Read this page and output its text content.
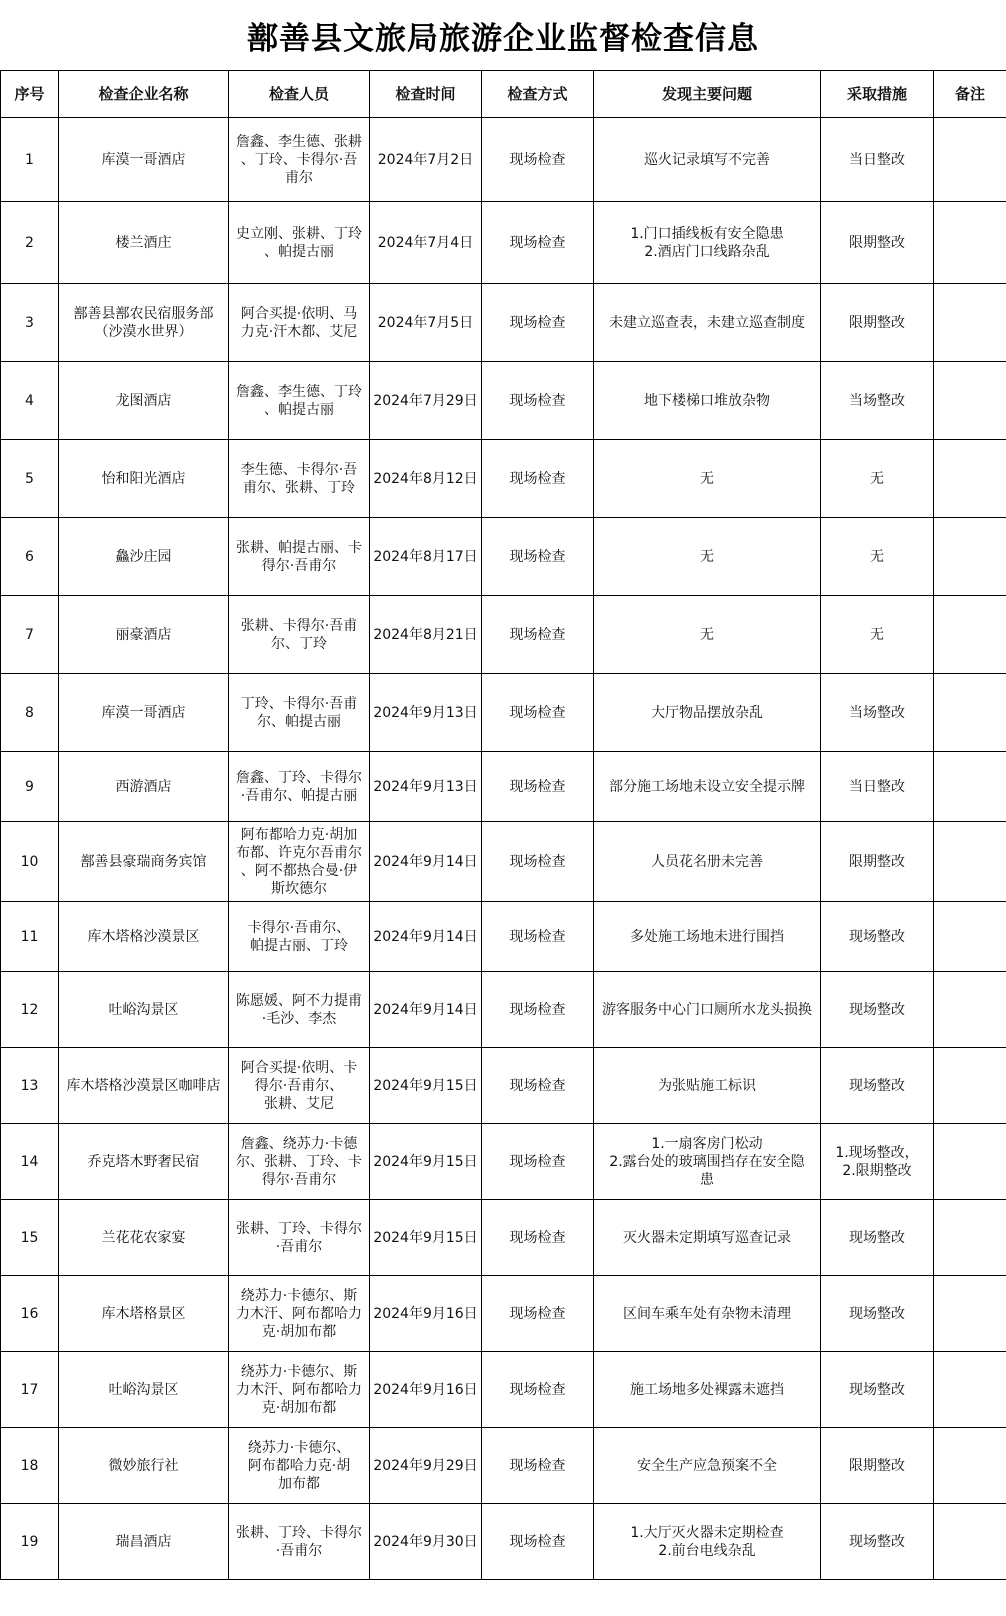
鄯善县文旅局旅游企业监督检查信息
序号	检查企业名称	检查人员	检查时间	检查方式	发现主要问题	采取措施	备注
1	库漠一哥酒店	詹鑫、李生德、张耕
、丁玲、卡得尔·吾
甫尔	2024年7月2日	现场检查	巡火记录填写不完善	当日整改	

2	楼兰酒庄	史立刚、张耕、丁玲
、帕提古丽	2024年7月4日	现场检查	1.门口插线板有安全隐患
2.酒店门口线路杂乱	限期整改	

3	鄯善县鄯农民宿服务部（沙漠水世界）	阿合买提·依明、马
力克·汗木都、艾尼	2024年7月5日	现场检查	未建立巡查表，未建立巡查制度	限期整改	

4	龙图酒店	詹鑫、李生德、丁玲
、帕提古丽	2024年7月29日	现场检查	地下楼梯口堆放杂物	当场整改	

5	怡和阳光酒店	李生德、卡得尔·吾
甫尔、张耕、丁玲	2024年8月12日	现场检查	无	无	

6	鱻沙庄园	张耕、帕提古丽、卡
得尔·吾甫尔	2024年8月17日	现场检查	无	无	

7	丽豪酒店	张耕、卡得尔·吾甫
尔、丁玲	2024年8月21日	现场检查	无	无	

8	库漠一哥酒店	丁玲、卡得尔·吾甫
尔、帕提古丽	2024年9月13日	现场检查	大厅物品摆放杂乱	当场整改	

9	西游酒店	詹鑫、丁玲、卡得尔
·吾甫尔、帕提古丽	2024年9月13日	现场检查	部分施工场地未设立安全提示牌	当日整改	

10	鄯善县豪瑞商务宾馆	阿布都哈力克·胡加
布都、许克尔吾甫尔
、阿不都热合曼·伊
斯坎德尔	2024年9月14日	现场检查	人员花名册未完善	限期整改	

11	库木塔格沙漠景区	卡得尔·吾甫尔、
帕提古丽、丁玲	2024年9月14日	现场检查	多处施工场地未进行围挡	现场整改	

12	吐峪沟景区	陈愿媛、阿不力提甫
·毛沙、李杰	2024年9月14日	现场检查	游客服务中心门口厕所水龙头损换	现场整改	

13	库木塔格沙漠景区咖啡店	阿合买提·依明、卡
得尔·吾甫尔、
张耕、艾尼	2024年9月15日	现场检查	为张贴施工标识	现场整改	

14	乔克塔木野奢民宿	詹鑫、绕苏力·卡德
尔、张耕、丁玲、卡
得尔·吾甫尔	2024年9月15日	现场检查	1.一扇客房门松动
2.露台处的玻璃围挡存在安全隐
患	1.现场整改，
2.限期整改	

15	兰花花农家宴	张耕、丁玲、卡得尔
·吾甫尔	2024年9月15日	现场检查	灭火器未定期填写巡查记录	现场整改	

16	库木塔格景区	绕苏力·卡德尔、斯
力木汗、阿布都哈力
克·胡加布都	2024年9月16日	现场检查	区间车乘车处有杂物未清理	现场整改	

17	吐峪沟景区	绕苏力·卡德尔、斯
力木汗、阿布都哈力
克·胡加布都	2024年9月16日	现场检查	施工场地多处裸露未遮挡	现场整改	

18	微妙旅行社	绕苏力·卡德尔、
阿布都哈力克·胡
加布都	2024年9月29日	现场检查	安全生产应急预案不全	限期整改	

19	瑞昌酒店	张耕、丁玲、卡得尔
·吾甫尔	2024年9月30日	现场检查	1.大厅灭火器未定期检查
2.前台电线杂乱	现场整改	
